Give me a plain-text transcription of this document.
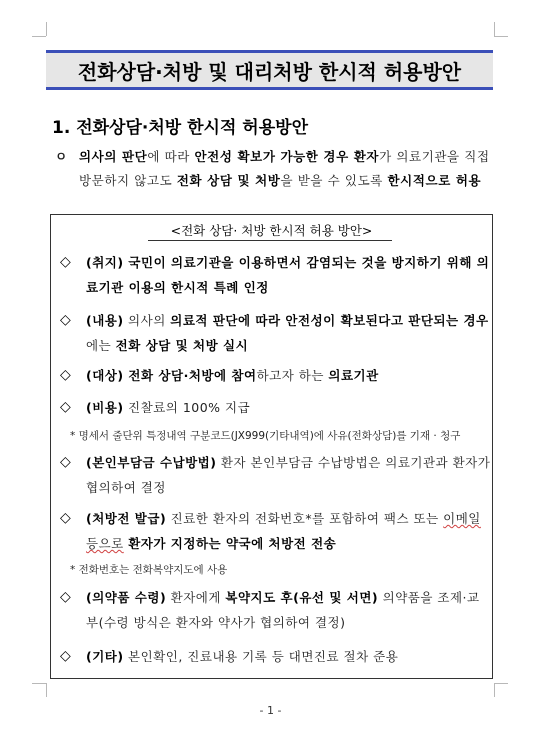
전화상담·처방 및 대리처방 한시적 허용방안
1. 전화상담·처방 한시적 허용방안
ㅇ 의사의 판단에 따라 안전성 확보가 가능한 경우 환자가 의료기관을 직접 방문하지 않고도 전화 상담 및 처방을 받을 수 있도록 한시적으로 허용
<전화 상담· 처방 한시적 허용 방안>
◇ (취지) 국민이 의료기관을 이용하면서 감염되는 것을 방지하기 위해 의료기관 이용의 한시적 특례 인정
◇ (내용) 의사의 의료적 판단에 따라 안전성이 확보된다고 판단되는 경우에는 전화 상담 및 처방 실시
◇ (대상) 전화 상담·처방에 참여하고자 하는 의료기관
◇ (비용) 진찰료의 100% 지급
* 명세서 줄단위 특정내역 구분코드(JX999(기타내역)에 사유(전화상담)를 기재 · 청구
◇ (본인부담금 수납방법) 환자 본인부담금 수납방법은 의료기관과 환자가 협의하여 결정
◇ (처방전 발급) 진료한 환자의 전화번호*를 포함하여 팩스 또는 이메일등으로 환자가 지정하는 약국에 처방전 전송
* 전화번호는 전화복약지도에 사용
◇ (의약품 수령) 환자에게 복약지도 후(유선 및 서면) 의약품을 조제·교부(수령 방식은 환자와 약사가 협의하여 결정)
◇ (기타) 본인확인, 진료내용 기록 등 대면진료 절차 준용
- 1 -
